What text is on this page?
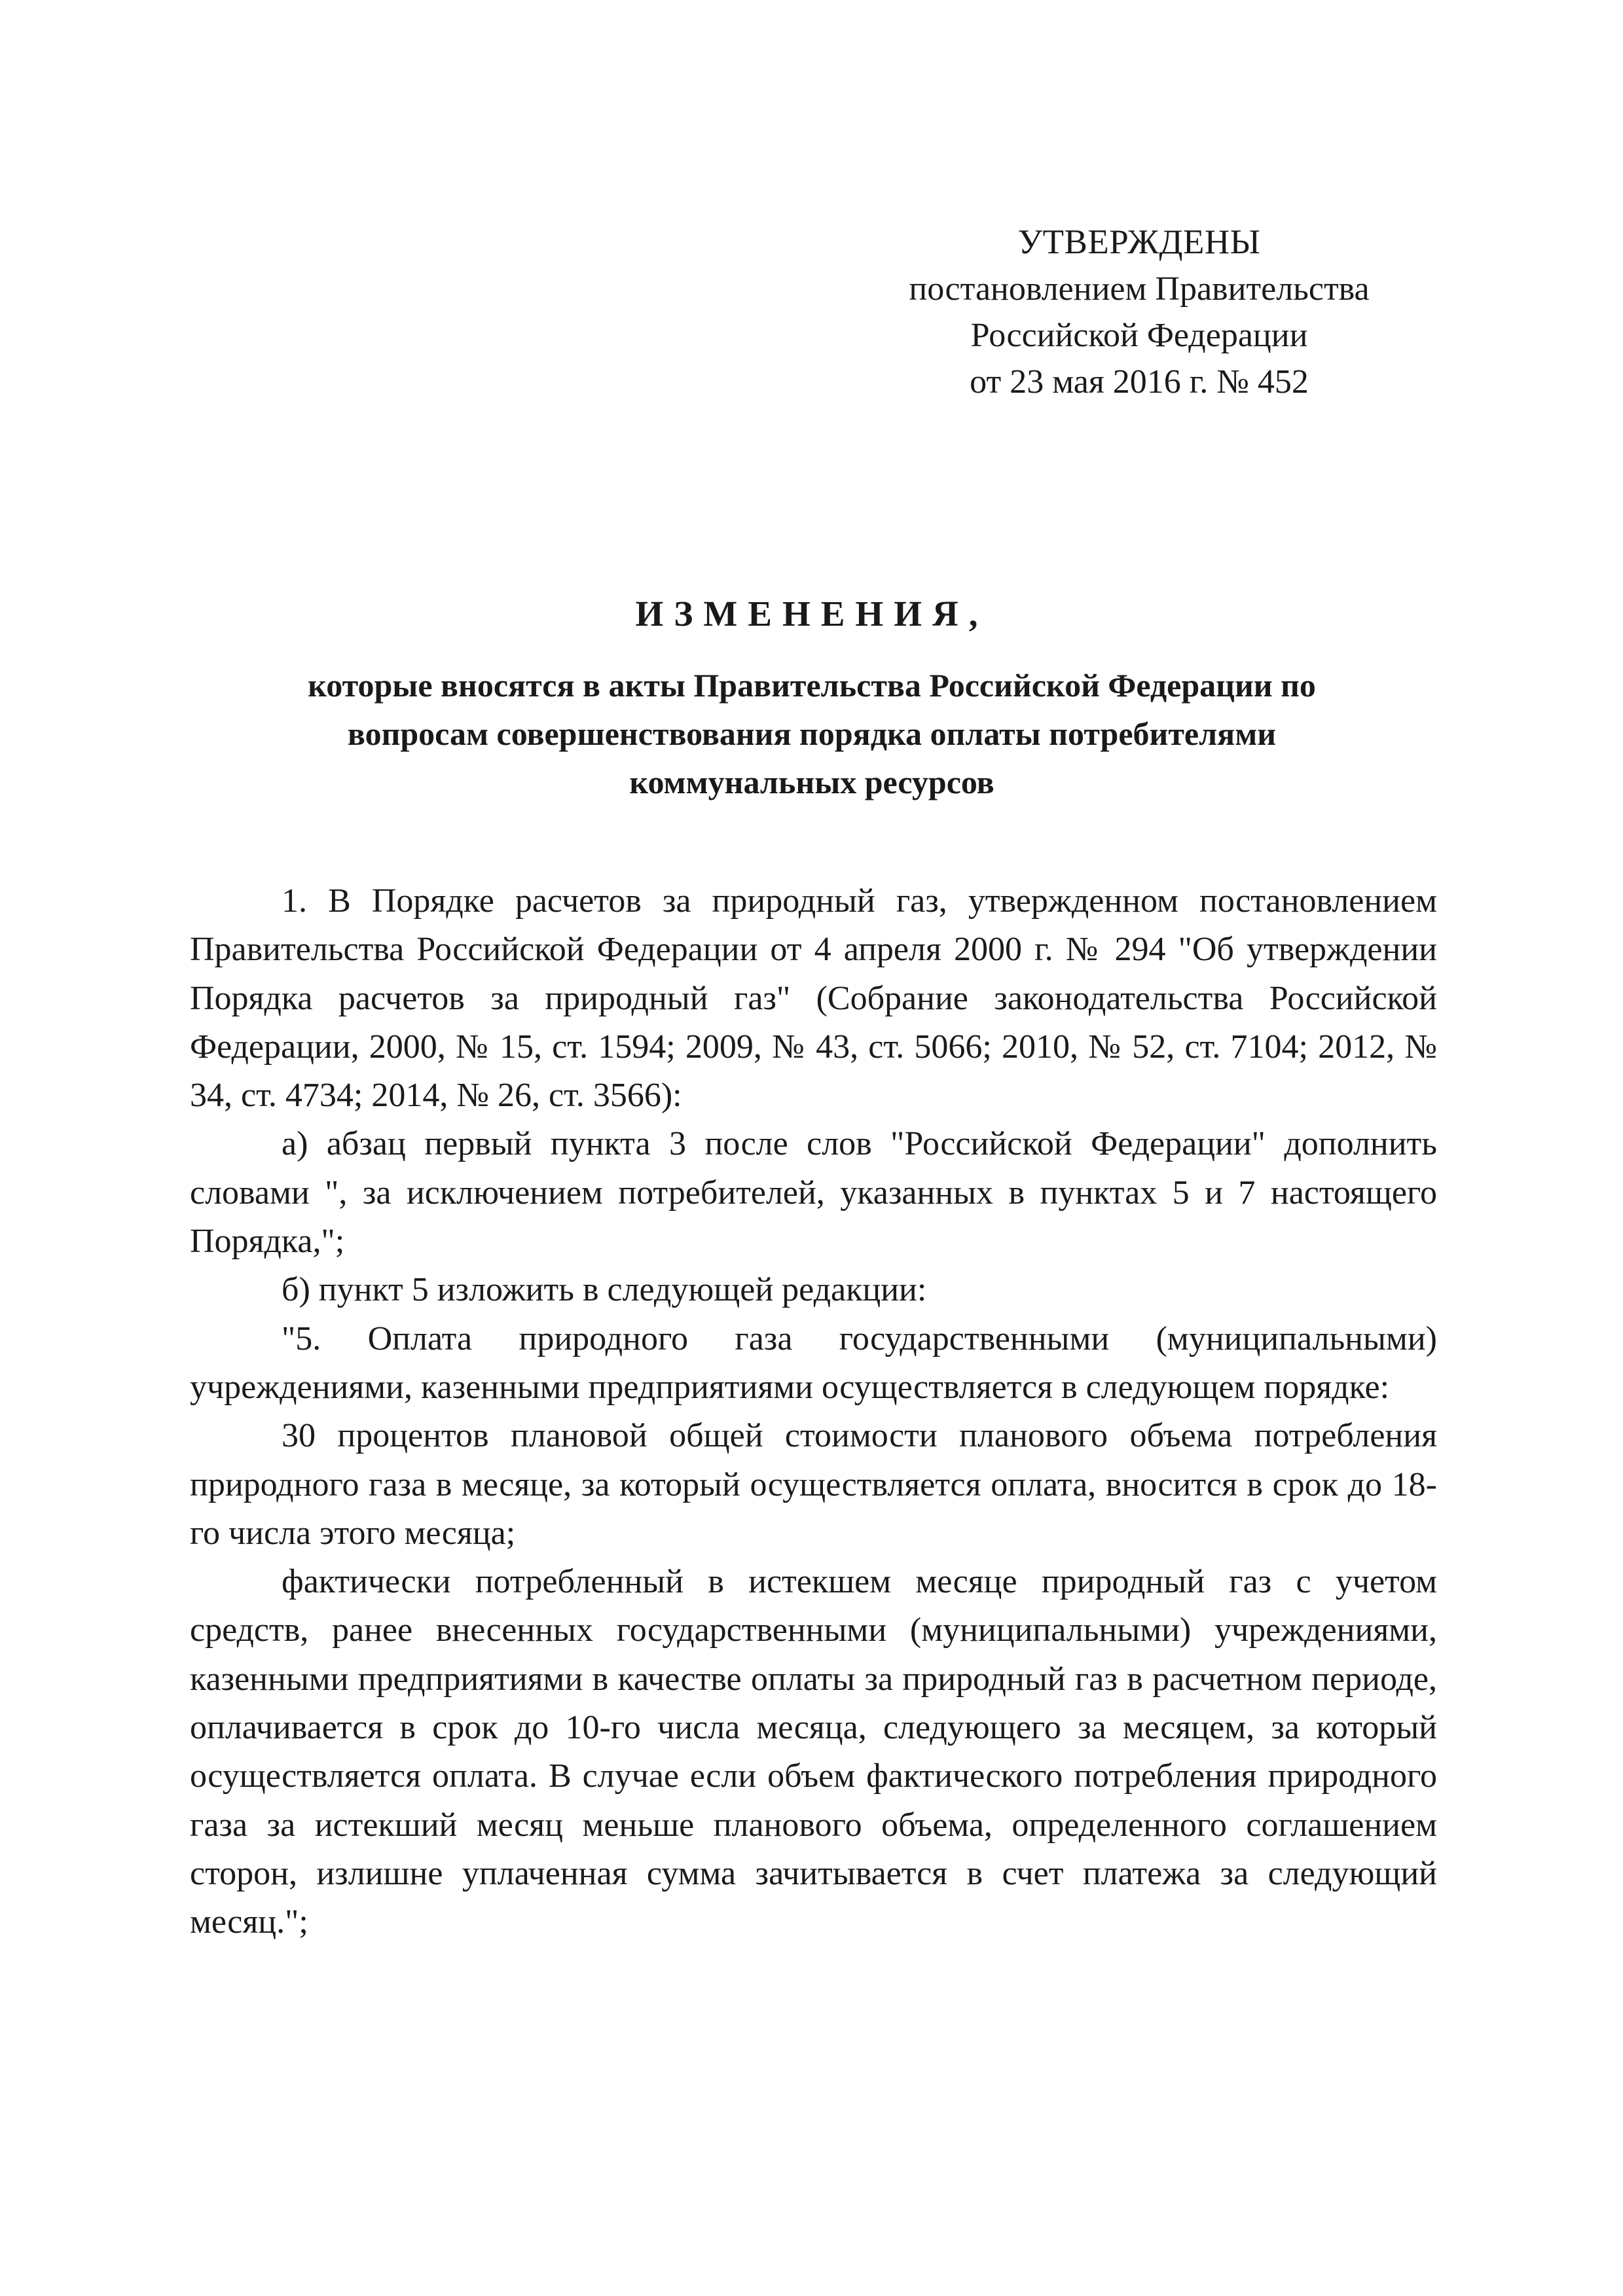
УТВЕРЖДЕНЫ
постановлением Правительства
Российской Федерации
от 23 мая 2016 г. № 452
ИЗМЕНЕНИЯ,
которые вносятся в акты Правительства Российской Федерации по
вопросам совершенствования порядка оплаты потребителями
коммунальных ресурсов

1. В Порядке расчетов за природный газ, утвержденном постановлением Правительства Российской Федерации от 4 апреля 2000 г. № 294 "Об утверждении Порядка расчетов за природный газ" (Собрание законодательства Российской Федерации, 2000, № 15, ст. 1594; 2009, № 43, ст. 5066; 2010, № 52, ст. 7104; 2012, № 34, ст. 4734; 2014, № 26, ст. 3566):

а) абзац первый пункта 3 после слов "Российской Федерации" дополнить словами ", за исключением потребителей, указанных в пунктах 5 и 7 настоящего Порядка,";

б) пункт 5 изложить в следующей редакции:

"5. Оплата природного газа государственными (муниципальными) учреждениями, казенными предприятиями осуществляется в следующем порядке:

30 процентов плановой общей стоимости планового объема потребления природного газа в месяце, за который осуществляется оплата, вносится в срок до 18-го числа этого месяца;

фактически потребленный в истекшем месяце природный газ с учетом средств, ранее внесенных государственными (муниципальными) учреждениями, казенными предприятиями в качестве оплаты за природный газ в расчетном периоде, оплачивается в срок до 10-го числа месяца, следующего за месяцем, за который осуществляется оплата. В случае если объем фактического потребления природного газа за истекший месяц меньше планового объема, определенного соглашением сторон, излишне уплаченная сумма зачитывается в счет платежа за следующий месяц.";
